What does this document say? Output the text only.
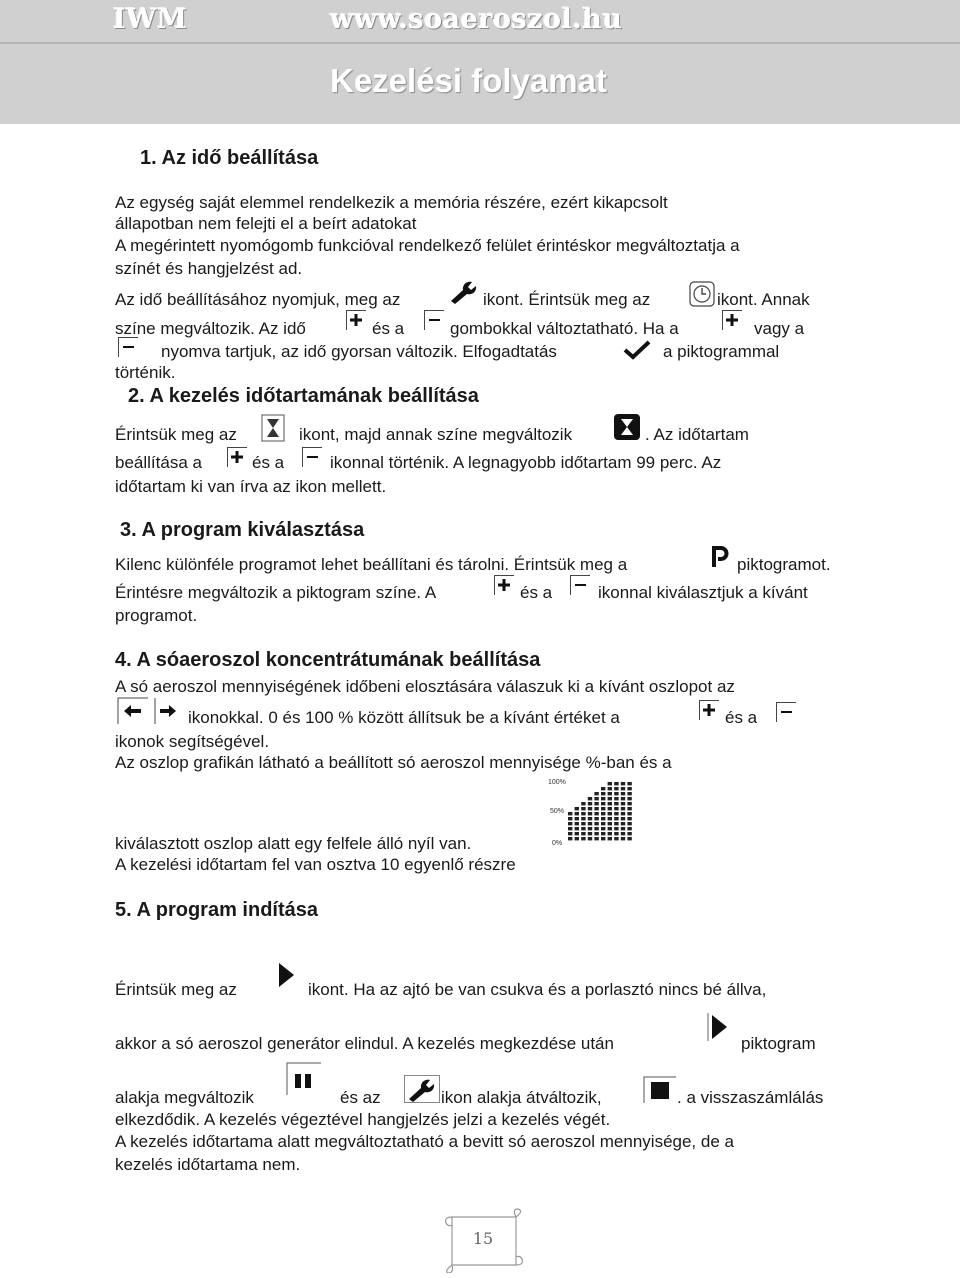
IWM	www.soaeroszol.hu
Kezelési folyamat
1. Az idő beállítása
Az egység saját elemmel rendelkezik a memória részére, ezért kikapcsolt
állapotban nem felejti el a beírt adatokat
A megérintett nyomógomb funkcióval rendelkező felület érintéskor megváltoztatja a
színét és hangjelzést ad.
Az idő beállításához nyomjuk, meg az	ikont. Érintsük meg az	ikont. Annak
színe megváltozik. Az idő	és a	gombokkal változtatható. Ha a	vagy a
nyomva tartjuk, az idő gyorsan változik. Elfogadtatás	a piktogrammal
történik.
2. A kezelés időtartamának beállítása
Érintsük meg az	ikont, majd annak színe megváltozik	. Az időtartam
beállítása a	és a	ikonnal történik. A legnagyobb időtartam 99 perc. Az
időtartam ki van írva az ikon mellett.
3. A program kiválasztása
Kilenc különféle programot lehet beállítani és tárolni. Érintsük meg a	piktogramot.
Érintésre megváltozik a piktogram színe. A	és a	ikonnal kiválasztjuk a kívánt
programot.
4. A sóaeroszol koncentrátumának beállítása
A só aeroszol mennyiségének időbeni elosztására válaszuk ki a kívánt oszlopot az
ikonokkal. 0 és 100 % között állítsuk be a kívánt értéket a	és a
ikonok segítségével.
Az oszlop grafikán látható a beállított só aeroszol mennyisége %-ban és a
100%
50%
0%
kiválasztott oszlop alatt egy felfele álló nyíl van.
A kezelési időtartam fel van osztva 10 egyenlő részre
5. A program indítása
Érintsük meg az	ikont. Ha az ajtó be van csukva és a porlasztó nincs bé állva,
akkor a só aeroszol generátor elindul. A kezelés megkezdése után	piktogram
alakja megváltozik	és az	ikon alakja átváltozik,	. a visszaszámlálás
elkezdődik. A kezelés végeztével hangjelzés jelzi a kezelés végét.
A kezelés időtartama alatt megváltoztatható a bevitt só aeroszol mennyisége, de a
kezelés időtartama nem.
15
